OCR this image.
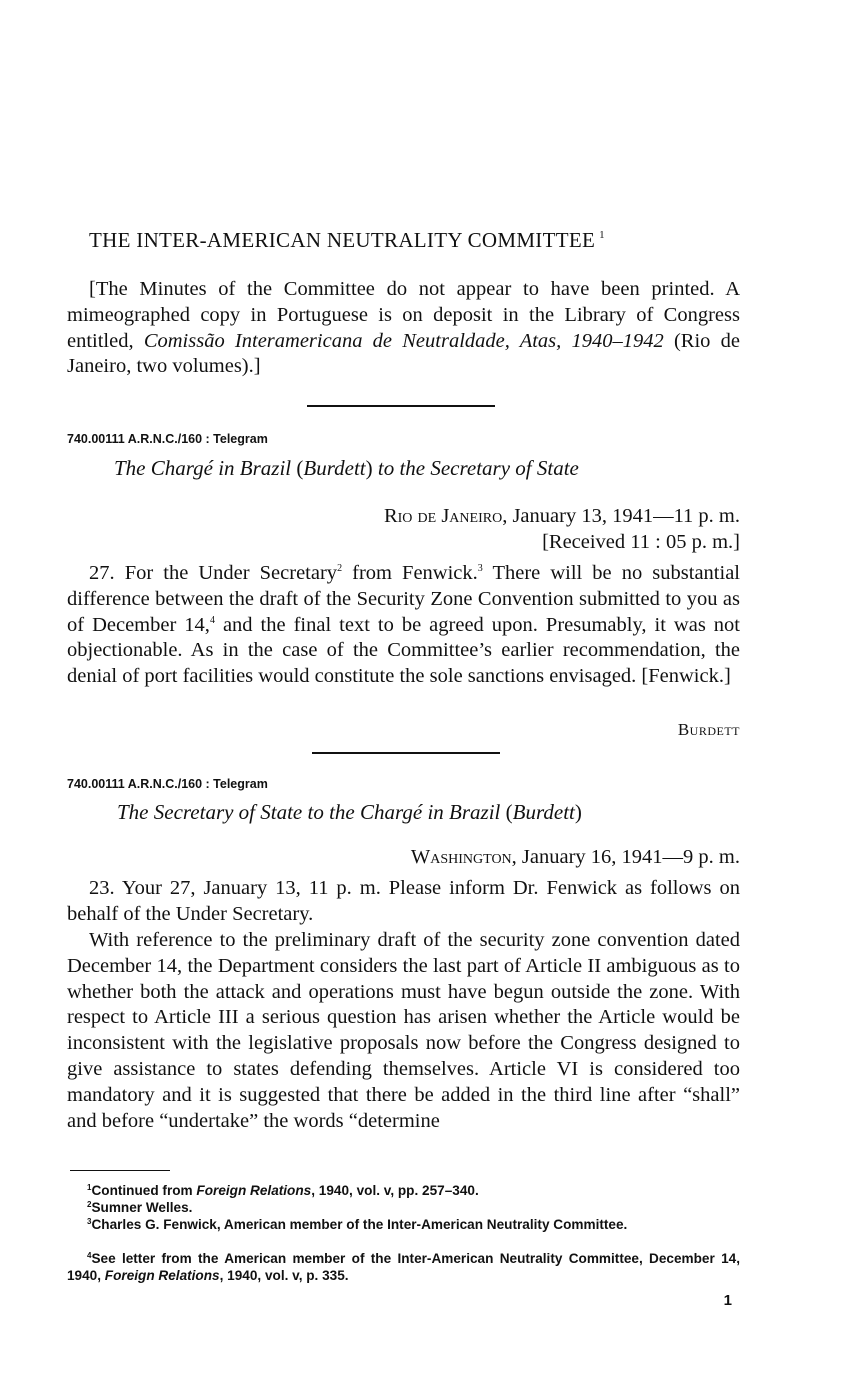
THE INTER-AMERICAN NEUTRALITY COMMITTEE $^1$

[The Minutes of the Committee do not appear to have been printed. A mimeographed copy in Portuguese is on deposit in the Library of Congress entitled, Comissão Interamericana de Neutraldade, Atas, 1940–1942 (Rio de Janeiro, two volumes).]

740.00111 A.R.N.C./160 : Telegram
The Chargé in Brazil (Burdett) to the Secretary of State
Rio de Janeiro, January 13, 1941—11 p. m.
[Received 11 : 05 p. m.]

27. For the Under Secretary$^2$ from Fenwick.$^3$ There will be no substantial difference between the draft of the Security Zone Convention submitted to you as of December 14,$^4$ and the final text to be agreed upon. Presumably, it was not objectionable. As in the case of the Committee’s earlier recommendation, the denial of port facilities would constitute the sole sanctions envisaged. [Fenwick.]

Burdett
740.00111 A.R.N.C./160 : Telegram
The Secretary of State to the Chargé in Brazil (Burdett)
Washington, January 16, 1941—9 p. m.

23. Your 27, January 13, 11 p. m. Please inform Dr. Fenwick as follows on behalf of the Under Secretary.

With reference to the preliminary draft of the security zone convention dated December 14, the Department considers the last part of Article II ambiguous as to whether both the attack and operations must have begun outside the zone. With respect to Article III a serious question has arisen whether the Article would be inconsistent with the legislative proposals now before the Congress designed to give assistance to states defending themselves. Article VI is considered too mandatory and it is suggested that there be added in the third line after “shall” and before “undertake” the words “determine

$^1$Continued from Foreign Relations, 1940, vol. v, pp. 257–340.

$^2$Sumner Welles.

$^3$Charles G. Fenwick, American member of the Inter-American Neutrality Committee.

$^4$See letter from the American member of the Inter-American Neutrality Committee, December 14, 1940, Foreign Relations, 1940, vol. v, p. 335.

1
